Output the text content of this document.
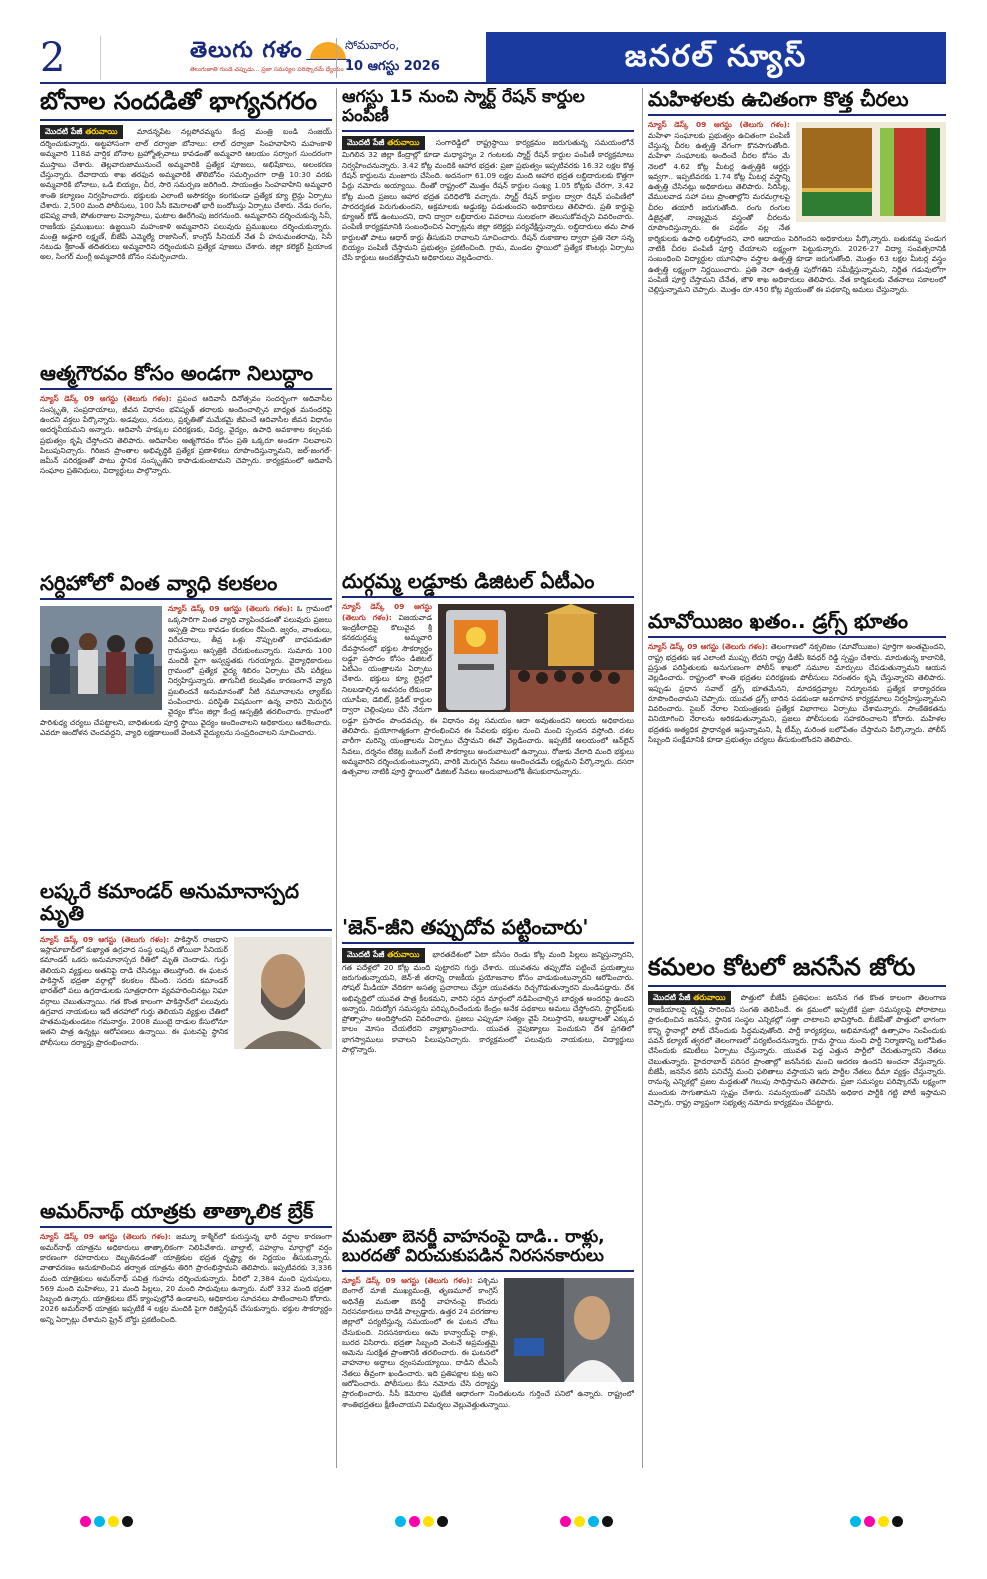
2	తెలుగు గళం
తెలుగుజాతి గుండె చప్పుడు... ప్రజా సమస్యల పరిష్కారమే ధ్యేయం
సోమవారం,
10 ఆగస్టు 2026	జనరల్ న్యూస్
బోనాల సందడితో భాగ్యనగరం

మొదటి పేజీ తరువాయి	మాదన్నపేట నల్లపోచమ్మను కేంద్ర మంత్రి బండి సంజయ్ దర్శించుకున్నారు. అట్టహాసంగా లాల్ దర్వాజా బోనాలు: లాల్ దర్వాజా సింహవాహిని మహంకాళి అమ్మవారి 118వ వార్షిక బోనాల బ్రహ్మోత్సవాలు కావడంతో అమ్మవారి ఆలయం సర్వాంగ సుందరంగా ముస్తాబు చేశారు. తెల్లవారుజామునుంచే అమ్మవారికి ప్రత్యేక పూజలు, అభిషేకాలు, అలంకరణ చేస్తున్నారు. దేవాదాయ శాఖ తరఫున అమ్మవారికి తొలిబోనం సమర్పించగా రాత్రి 10:30 వరకు అమ్మవారికి బోనాలు, ఒడి బియ్యం, చీర, సారె సమర్పణ జరిగింది. సాయంత్రం సింహవాహిని అమ్మవారి శాంతి కల్యాణం నిర్వహించారు. భక్తులకు ఎలాంటి అసౌకర్యం కలగకుండా ప్రత్యేక క్యూ లైన్లు ఏర్పాటు చేశారు. 2,500 మంది పోలీసులు, 100 సీసీ కెమెరాలతో భారీ బందోబస్తు ఏర్పాటు చేశారు. నేడు రంగం, భవిష్య వాణి, పోతురాజుల విన్యాసాలు, ఘటాల ఊరేగింపు జరగనుంది. అమ్మవారిని దర్శించుకున్న సినీ, రాజకీయ ప్రముఖులు: ఉజ్జయిని మహంకాళి అమ్మవారిని పలువురు ప్రముఖులు దర్శించుకున్నారు. మంత్రి అడ్లూరి లక్ష్మణ్, బీజేపీ ఎమ్మెల్యే రాజాసింగ్, కాంగ్రెస్ సీనియర్ నేత వీ హనుమంతరావు, సినీ నటుడు శ్రీకాంత్ తదితరులు అమ్మవారిని దర్శించుకుని ప్రత్యేక పూజలు చేశారు. జిల్లా కలెక్టర్ ప్రియాంక అల, సింగర్ మంగ్లీ అమ్మవారికి బోనం సమర్పించారు.

ఆత్మగౌరవం కోసం అండగా నిలుద్దాం

న్యూస్ డెస్క్ 09 ఆగస్టు (తెలుగు గళం): ప్రపంచ ఆదివాసీ దినోత్సవం సందర్భంగా ఆదివాసీల సంస్కృతి, సంప్రదాయాలు, జీవన విధానం భవిష్యత్ తరాలకు అందించాల్సిన బాధ్యత మనందరిపై ఉందని వక్తలు పేర్కొన్నారు. అడవులు, నదులు, ప్రకృతితో మమేకమై జీవించే ఆదివాసీల జీవన విధానం ఆదర్శనీయమని అన్నారు. ఆదివాసీ హక్కుల పరిరక్షణకు, విద్య, వైద్యం, ఉపాధి అవకాశాల కల్పనకు ప్రభుత్వం కృషి చేస్తోందని తెలిపారు. ఆదివాసీల ఆత్మగౌరవం కోసం ప్రతి ఒక్కరూ అండగా నిలవాలని పిలుపునిచ్చారు. గిరిజన ప్రాంతాల అభివృద్ధికి ప్రత్యేక ప్రణాళికలు రూపొందిస్తున్నామని, జల్-జంగల్-జమీన్ పరిరక్షణతో పాటు స్థానిక సంస్కృతిని కాపాడుకుంటామని చెప్పారు. కార్యక్రమంలో ఆదివాసీ సంఘాల ప్రతినిధులు, విద్యార్థులు పాల్గొన్నారు.

సర్దిహోలో వింత వ్యాధి కలకలం

న్యూస్ డెస్క్ 09 ఆగస్టు (తెలుగు గళం): ఓ గ్రామంలో ఒక్కసారిగా వింత వ్యాధి వ్యాపించడంతో పలువురు ప్రజలు ఆస్పత్రి పాలు కావడం కలకలం రేపింది. జ్వరం, వాంతులు, విరేచనాలు, తీవ్ర ఒళ్లు నొప్పులతో బాధపడుతూ గ్రామస్థులు ఆస్పత్రికి చేరుకుంటున్నారు. సుమారు 100 మందికి పైగా అస్వస్థతకు గురయ్యారు. వైద్యాధికారులు గ్రామంలో ప్రత్యేక వైద్య శిబిరం ఏర్పాటు చేసి పరీక్షలు నిర్వహిస్తున్నారు. తాగునీటి కలుషితం కారణంగానే వ్యాధి ప్రబలిందనే అనుమానంతో నీటి నమూనాలను ల్యాబ్‌కు పంపించారు. పరిస్థితి విషమంగా ఉన్న వారిని మెరుగైన వైద్యం కోసం జిల్లా కేంద్ర ఆస్పత్రికి తరలించారు. గ్రామంలో పారిశుధ్య చర్యలు చేపట్టాలని, బాధితులకు పూర్తి స్థాయి వైద్యం అందించాలని అధికారులు ఆదేశించారు. ఎవరూ ఆందోళన చెందవద్దని, వ్యాధి లక్షణాలుంటే వెంటనే వైద్యులను సంప్రదించాలని సూచించారు.

లష్కరే కమాండర్ అనుమానాస్పద మృతి

న్యూస్ డెస్క్ 09 ఆగస్టు (తెలుగు గళం): పాకిస్తాన్ రాజధాని ఇస్లామాబాద్‌లో కుఖ్యాత ఉగ్రవాద సంస్థ లష్కరే తోయిబా సీనియర్ కమాండర్ ఒకరు అనుమానాస్పద రీతిలో మృతి చెందాడు. గుర్తు తెలియని వ్యక్తులు అతనిపై దాడి చేసినట్లు తెలుస్తోంది. ఈ ఘటన పాకిస్తాన్ భద్రతా వర్గాల్లో కలకలం రేపింది. సదరు కమాండర్ భారత్‌లో పలు ఉగ్రదాడులకు సూత్రధారిగా వ్యవహరించినట్లు నిఘా వర్గాలు చెబుతున్నాయి. గత కొంత కాలంగా పాకిస్తాన్‌లో పలువురు ఉగ్రవాద నాయకులు ఇదే తరహాలో గుర్తు తెలియని వ్యక్తుల చేతిలో హతమవుతుండటం గమనార్హం. 2008 ముంబై దాడుల కేసులోనూ ఇతని పాత్ర ఉన్నట్లు ఆరోపణలు ఉన్నాయి. ఈ ఘటనపై స్థానిక పోలీసులు దర్యాప్తు ప్రారంభించారు.

అమర్‌నాథ్ యాత్రకు తాత్కాలిక బ్రేక్

న్యూస్ డెస్క్ 09 ఆగస్టు (తెలుగు గళం): జమ్మూ కాశ్మీర్‌లో కురుస్తున్న భారీ వర్షాల కారణంగా అమర్‌నాథ్ యాత్రను అధికారులు తాత్కాలికంగా నిలిపివేశారు. బాల్తాల్, పహల్గాం మార్గాల్లో వర్షం కారణంగా రహదారులు దెబ్బతినడంతో యాత్రికుల భద్రత దృష్ట్యా ఈ నిర్ణయం తీసుకున్నారు. వాతావరణం అనుకూలించిన తర్వాత యాత్రను తిరిగి ప్రారంభిస్తామని తెలిపారు. ఇప్పటివరకు 3,336 మంది యాత్రికులు అమర్‌నాథ్ పవిత్ర గుహను దర్శించుకున్నారు. వీరిలో 2,384 మంది పురుషులు, 569 మంది మహిళలు, 21 మంది పిల్లలు, 20 మంది సాధువులు ఉన్నారు. మరో 332 మంది భద్రతా సిబ్బంది ఉన్నారు. యాత్రికులు బేస్ క్యాంపుల్లోనే ఉండాలని, అధికారుల సూచనలు పాటించాలని కోరారు. 2026 అమర్‌నాథ్ యాత్రకు ఇప్పటికే 4 లక్షల మందికి పైగా రిజిస్ట్రేషన్ చేసుకున్నారు. భక్తుల సౌకర్యార్థం అన్ని ఏర్పాట్లు చేశామని ష్రైన్ బోర్డు ప్రకటించింది.

ఆగస్టు 15 నుంచి స్మార్ట్ రేషన్ కార్డుల పంపిణీ

మొదటి పేజీ తరువాయి సంగారెడ్డిలో రాష్ట్రస్థాయి కార్యక్రమం జరుగుతున్న సమయంలోనే మిగిలిన 32 జిల్లా కేంద్రాల్లో కూడా మధ్యాహ్నం 2 గంటలకు స్మార్ట్ రేషన్ కార్డుల పంపిణీ కార్యక్రమాలు నిర్వహించనున్నారు. 3.42 కోట్ల మందికి ఆహార భద్రత: ప్రజా ప్రభుత్వం ఇప్పటివరకు 16.32 లక్షల కొత్త రేషన్ కార్డులను మంజూరు చేసింది. అదనంగా 61.09 లక్షల మంది ఆహార భద్రత లబ్ధిదారులకు కొత్తగా పేర్లు నమోదు అయ్యాయి. దీంతో రాష్ట్రంలో మొత్తం రేషన్ కార్డుల సంఖ్య 1.05 కోట్లకు చేరగా, 3.42 కోట్ల మంది ప్రజలు ఆహార భద్రత పరిధిలోకి వచ్చారు. స్మార్ట్ రేషన్ కార్డుల ద్వారా రేషన్ పంపిణీలో పారదర్శకత పెరుగుతుందని, అక్రమాలకు అడ్డుకట్ట పడుతుందని అధికారులు తెలిపారు. ప్రతి కార్డుపై క్యూఆర్ కోడ్ ఉంటుందని, దాని ద్వారా లబ్ధిదారుల వివరాలు సులభంగా తెలుసుకోవచ్చని వివరించారు. పంపిణీ కార్యక్రమానికి సంబంధించిన ఏర్పాట్లను జిల్లా కలెక్టర్లు పర్యవేక్షిస్తున్నారు. లబ్ధిదారులు తమ పాత కార్డులతో పాటు ఆధార్ కార్డు తీసుకుని రావాలని సూచించారు. రేషన్ దుకాణాల ద్వారా ప్రతి నెలా సన్న బియ్యం పంపిణీ చేస్తామని ప్రభుత్వం ప్రకటించింది. గ్రామ, మండల స్థాయిలో ప్రత్యేక కౌంటర్లు ఏర్పాటు చేసి కార్డులు అందజేస్తామని అధికారులు వెల్లడించారు.

దుర్గమ్మ లడ్డూకు డిజిటల్ ఏటీఎం

న్యూస్ డెస్క్ 09 ఆగస్టు (తెలుగు గళం): విజయవాడ ఇంద్రకీలాద్రిపై కొలువైన శ్రీ కనకదుర్గమ్మ అమ్మవారి దేవస్థానంలో భక్తుల సౌకర్యార్థం లడ్డూ ప్రసాదం కోసం డిజిటల్ ఏటీఎం యంత్రాలను ఏర్పాటు చేశారు. భక్తులు క్యూ లైన్లలో నిలబడాల్సిన అవసరం లేకుండా యూపీఐ, డెబిట్, క్రెడిట్ కార్డుల ద్వారా చెల్లింపులు చేసి నేరుగా లడ్డూ ప్రసాదం పొందవచ్చు. ఈ విధానం వల్ల సమయం ఆదా అవుతుందని ఆలయ అధికారులు తెలిపారు. ప్రయోగాత్మకంగా ప్రారంభించిన ఈ సేవలకు భక్తుల నుంచి మంచి స్పందన వస్తోంది. దశల వారీగా మరిన్ని యంత్రాలను ఏర్పాటు చేస్తామని ఈవో వెల్లడించారు. ఇప్పటికే ఆలయంలో ఆన్‌లైన్ సేవలు, దర్శనం టికెట్ల బుకింగ్ వంటి సౌకర్యాలు అందుబాటులో ఉన్నాయి. రోజుకు వేలాది మంది భక్తులు అమ్మవారిని దర్శించుకుంటున్నారని, వారికి మెరుగైన సేవలు అందించడమే లక్ష్యమని పేర్కొన్నారు. దసరా ఉత్సవాల నాటికి పూర్తి స్థాయిలో డిజిటల్ సేవలు అందుబాటులోకి తీసుకురానున్నారు.

'జెన్-జీని తప్పుదోవ పట్టించారు'

మొదటి పేజీ తరువాయి భారతదేశంలో ఏటా కనీసం రెండు కోట్ల మంది పిల్లలు జన్మిస్తున్నారని, గత పదేళ్లలో 20 కోట్ల మంది పుట్టారని గుర్తు చేశారు. యువతను తప్పుదోవ పట్టించే ప్రయత్నాలు జరుగుతున్నాయని, జెన్-జీ తరాన్ని రాజకీయ ప్రయోజనాల కోసం వాడుకుంటున్నారని ఆరోపించారు. సోషల్ మీడియా వేదికగా అసత్య ప్రచారాలు చేస్తూ యువతను రెచ్చగొడుతున్నారని మండిపడ్డారు. దేశ అభివృద్ధిలో యువత పాత్ర కీలకమని, వారిని సరైన మార్గంలో నడిపించాల్సిన బాధ్యత అందరిపై ఉందని అన్నారు. నిరుద్యోగ సమస్యను పరిష్కరించేందుకు కేంద్రం అనేక పథకాలు అమలు చేస్తోందని, స్టార్టప్‌లకు ప్రోత్సాహం అందిస్తోందని వివరించారు. ప్రజలు ఎప్పుడూ సత్యం వైపే నిలుస్తారని, అబద్ధాలతో ఎక్కువ కాలం మోసం చేయలేరని వ్యాఖ్యానించారు. యువత నైపుణ్యాలు పెంచుకుని దేశ ప్రగతిలో భాగస్వాములు కావాలని పిలుపునిచ్చారు. కార్యక్రమంలో పలువురు నాయకులు, విద్యార్థులు పాల్గొన్నారు.

మమతా బెనర్జీ వాహనంపై దాడి.. రాళ్లు, బురదతో విరుచుకుపడిన నిరసనకారులు

న్యూస్ డెస్క్ 09 ఆగస్టు (తెలుగు గళం): పశ్చిమ బెంగాల్ మాజీ ముఖ్యమంత్రి, తృణమూల్ కాంగ్రెస్ అధినేత్రి మమతా బెనర్జీ వాహనంపై కొందరు నిరసనకారులు దాడికి పాల్పడ్డారు. ఉత్తర 24 పరగణాల జిల్లాలో పర్యటిస్తున్న సమయంలో ఈ ఘటన చోటు చేసుకుంది. నిరసనకారులు ఆమె కాన్వాయ్‌పై రాళ్లు, బురద విసిరారు. భద్రతా సిబ్బంది వెంటనే అప్రమత్తమై ఆమెను సురక్షిత ప్రాంతానికి తరలించారు. ఈ ఘటనలో వాహనాల అద్దాలు ధ్వంసమయ్యాయి. దాడిని టీఎంసీ నేతలు తీవ్రంగా ఖండించారు. ఇది ప్రతిపక్షాల కుట్ర అని ఆరోపించారు. పోలీసులు కేసు నమోదు చేసి దర్యాప్తు ప్రారంభించారు. సీసీ కెమెరాల ఫుటేజీ ఆధారంగా నిందితులను గుర్తించే పనిలో ఉన్నారు. రాష్ట్రంలో శాంతిభద్రతలు క్షీణించాయని విమర్శలు వెల్లువెత్తుతున్నాయి.

మహిళలకు ఉచితంగా కొత్త చీరలు

న్యూస్ డెస్క్ 09 ఆగస్టు (తెలుగు గళం): మహిళా సంఘాలకు ప్రభుత్వం ఉచితంగా పంపిణీ చేస్తున్న చీరల ఉత్పత్తి వేగంగా కొనసాగుతోంది. మహిళా సంఘాలకు అందించే చీరల కోసం మే నెలలో 4.62 కోట్ల మీటర్ల ఉత్పత్తికి ఆర్డర్లు ఇవ్వగా.. ఇప్పటివరకు 1.74 కోట్ల మీటర్ల వస్త్రాన్ని ఉత్పత్తి చేసినట్లు అధికారులు తెలిపారు. సిరిసిల్ల, వేములవాడ సహా పలు ప్రాంతాల్లోని మరమగ్గాలపై చీరల తయారీ జరుగుతోంది. రంగు రంగుల డిజైన్లతో, నాణ్యమైన వస్త్రంతో చీరలను రూపొందిస్తున్నారు. ఈ పథకం వల్ల నేత కార్మికులకు ఉపాధి లభిస్తోందని, వారి ఆదాయం పెరిగిందని అధికారులు పేర్కొన్నారు. బతుకమ్మ పండుగ నాటికి చీరల పంపిణీ పూర్తి చేయాలని లక్ష్యంగా పెట్టుకున్నారు. 2026-27 విద్యా సంవత్సరానికి సంబంధించి విద్యార్థుల యూనిఫాం వస్త్రాల ఉత్పత్తి కూడా జరుగుతోంది. మొత్తం 63 లక్షల మీటర్ల వస్త్రం ఉత్పత్తి లక్ష్యంగా నిర్ణయించారు. ప్రతి నెలా ఉత్పత్తి పురోగతిని సమీక్షిస్తున్నామని, నిర్ణీత గడువులోగా పంపిణీ పూర్తి చేస్తామని చేనేత, జౌళి శాఖ అధికారులు తెలిపారు. నేత కార్మికులకు వేతనాలు సకాలంలో చెల్లిస్తున్నామని చెప్పారు. మొత్తం రూ.450 కోట్ల వ్యయంతో ఈ పథకాన్ని అమలు చేస్తున్నారు.

మావోయిజం ఖతం.. డ్రగ్స్ భూతం

న్యూస్ డెస్క్ 09 ఆగస్టు (తెలుగు గళం): తెలంగాణలో నక్సలిజం (మావోయిజం) పూర్తిగా అంతమైందని, రాష్ట్ర భద్రతకు ఇక ఎలాంటి ముప్పు లేదని రాష్ట్ర డీజీపీ శివధర్ రెడ్డి స్పష్టం చేశారు. మారుతున్న కాలానికి, ప్రస్తుత పరిస్థితులకు అనుగుణంగా పోలీస్ శాఖలో సమూల మార్పులు చేపడుతున్నామని ఆయన వెల్లడించారు. రాష్ట్రంలో శాంతి భద్రతల పరిరక్షణకు పోలీసులు నిరంతరం కృషి చేస్తున్నారని తెలిపారు. ఇప్పుడు ప్రధాన సవాల్ డ్రగ్స్ భూతమేనని, మాదకద్రవ్యాల నిర్మూలనకు ప్రత్యేక కార్యాచరణ రూపొందించామని చెప్పారు. యువత డ్రగ్స్ బారిన పడకుండా అవగాహన కార్యక్రమాలు నిర్వహిస్తున్నామని వివరించారు. సైబర్ నేరాల నియంత్రణకు ప్రత్యేక విభాగాలు ఏర్పాటు చేశామన్నారు. సాంకేతికతను వినియోగించి నేరాలను అరికడుతున్నామని, ప్రజలు పోలీసులకు సహకరించాలని కోరారు. మహిళల భద్రతకు అత్యధిక ప్రాధాన్యత ఇస్తున్నామని, షీ టీమ్స్ మరింత బలోపేతం చేస్తామని పేర్కొన్నారు. పోలీస్ సిబ్బంది సంక్షేమానికి కూడా ప్రభుత్వం చర్యలు తీసుకుంటోందని తెలిపారు.

కమలం కోటలో జనసేన జోరు

మొదటి పేజీ తరువాయి పొత్తులో బీజేపీ ప్రతిఫలం: జనసేన గత కొంత కాలంగా తెలంగాణ రాజకీయాలపై దృష్టి సారించిన సంగతి తెలిసిందే. ఈ క్రమంలో ఇప్పటికే ప్రజా సమస్యలపై పోరాటాలు ప్రారంభించిన జనసేన, స్థానిక సంస్థల ఎన్నికల్లో సత్తా చాటాలని భావిస్తోంది. బీజేపీతో పొత్తులో భాగంగా కొన్ని స్థానాల్లో పోటీ చేసేందుకు సిద్ధమవుతోంది. పార్టీ కార్యకర్తలు, అభిమానుల్లో ఉత్సాహం నింపేందుకు పవన్ కల్యాణ్ త్వరలో తెలంగాణలో పర్యటించనున్నారు. గ్రామ స్థాయి నుంచి పార్టీ నిర్మాణాన్ని బలోపేతం చేసేందుకు కమిటీలు ఏర్పాటు చేస్తున్నారు. యువత పెద్ద ఎత్తున పార్టీలో చేరుతున్నారని నేతలు చెబుతున్నారు. హైదరాబాద్ పరిసర ప్రాంతాల్లో జనసేనకు మంచి ఆదరణ ఉందని అంచనా వేస్తున్నారు. బీజేపీ, జనసేన కలిసి పనిచేస్తే మంచి ఫలితాలు వస్తాయని ఇరు పార్టీల నేతలు ధీమా వ్యక్తం చేస్తున్నారు. రానున్న ఎన్నికల్లో ప్రజల మద్దతుతో గెలుపు సాధిస్తామని తెలిపారు. ప్రజా సమస్యల పరిష్కారమే లక్ష్యంగా ముందుకు సాగుతామని స్పష్టం చేశారు. సమన్వయంతో పనిచేసి అధికార పార్టీకి గట్టి పోటీ ఇస్తామని చెప్పారు. రాష్ట్ర వ్యాప్తంగా సభ్యత్వ నమోదు కార్యక్రమం చేపట్టారు.
